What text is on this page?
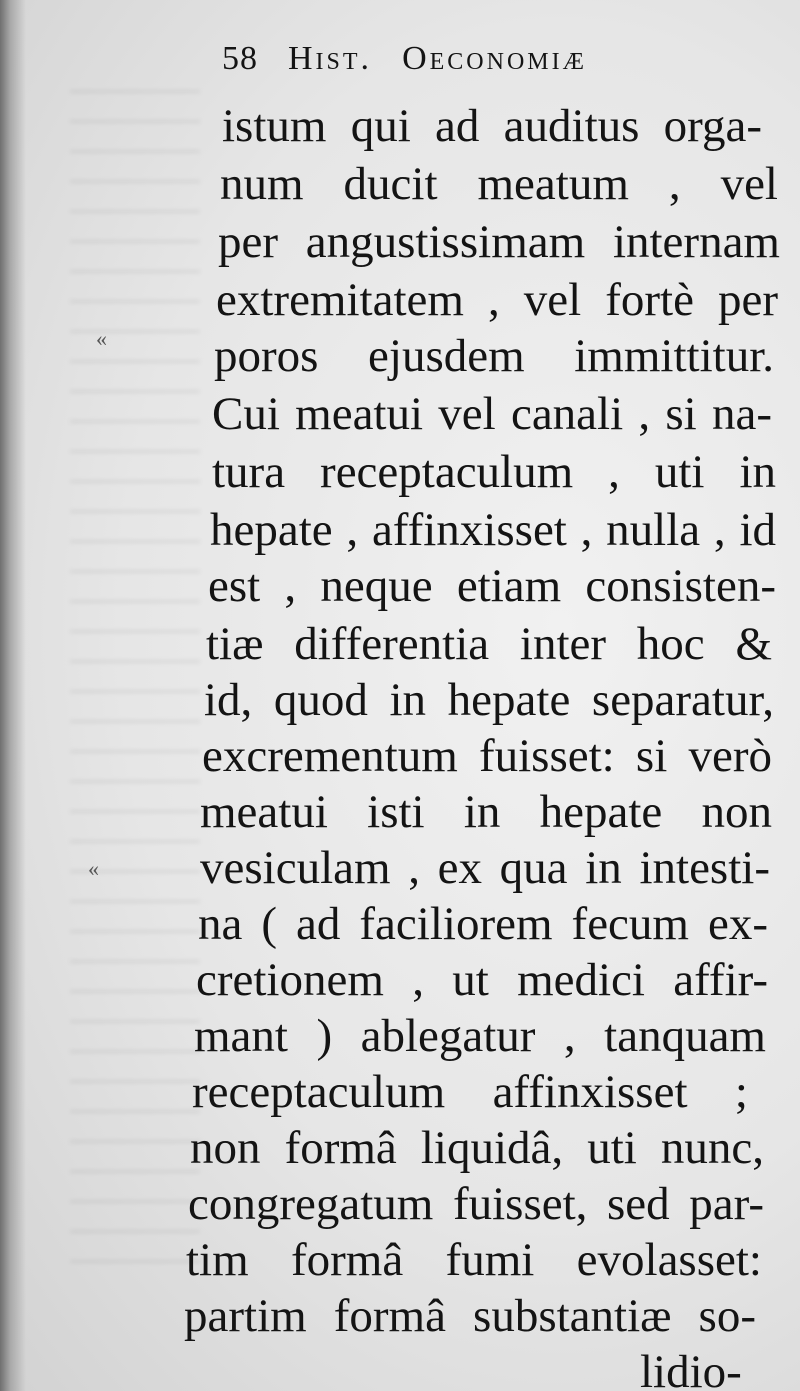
58 Hist. Oeconomiæ
istum qui ad auditus orga-
num ducit meatum , vel
per angustissimam internam
extremitatem , vel fortè per
poros ejusdem immittitur.
Cui meatui vel canali , si na-
tura receptaculum , uti in
hepate , affinxisset , nulla , id
est , neque etiam consisten-
tiæ differentia inter hoc &
id, quod in hepate separatur,
excrementum fuisset: si verò
meatui isti in hepate non
vesiculam , ex qua in intesti-
na ( ad faciliorem fecum ex-
cretionem , ut medici affir-
mant ) ablegatur , tanquam
receptaculum affinxisset ;
non formâ liquidâ, uti nunc,
congregatum fuisset, sed par-
tim formâ fumi evolasset:
partim formâ substantiæ so-
lidio-
«
«
